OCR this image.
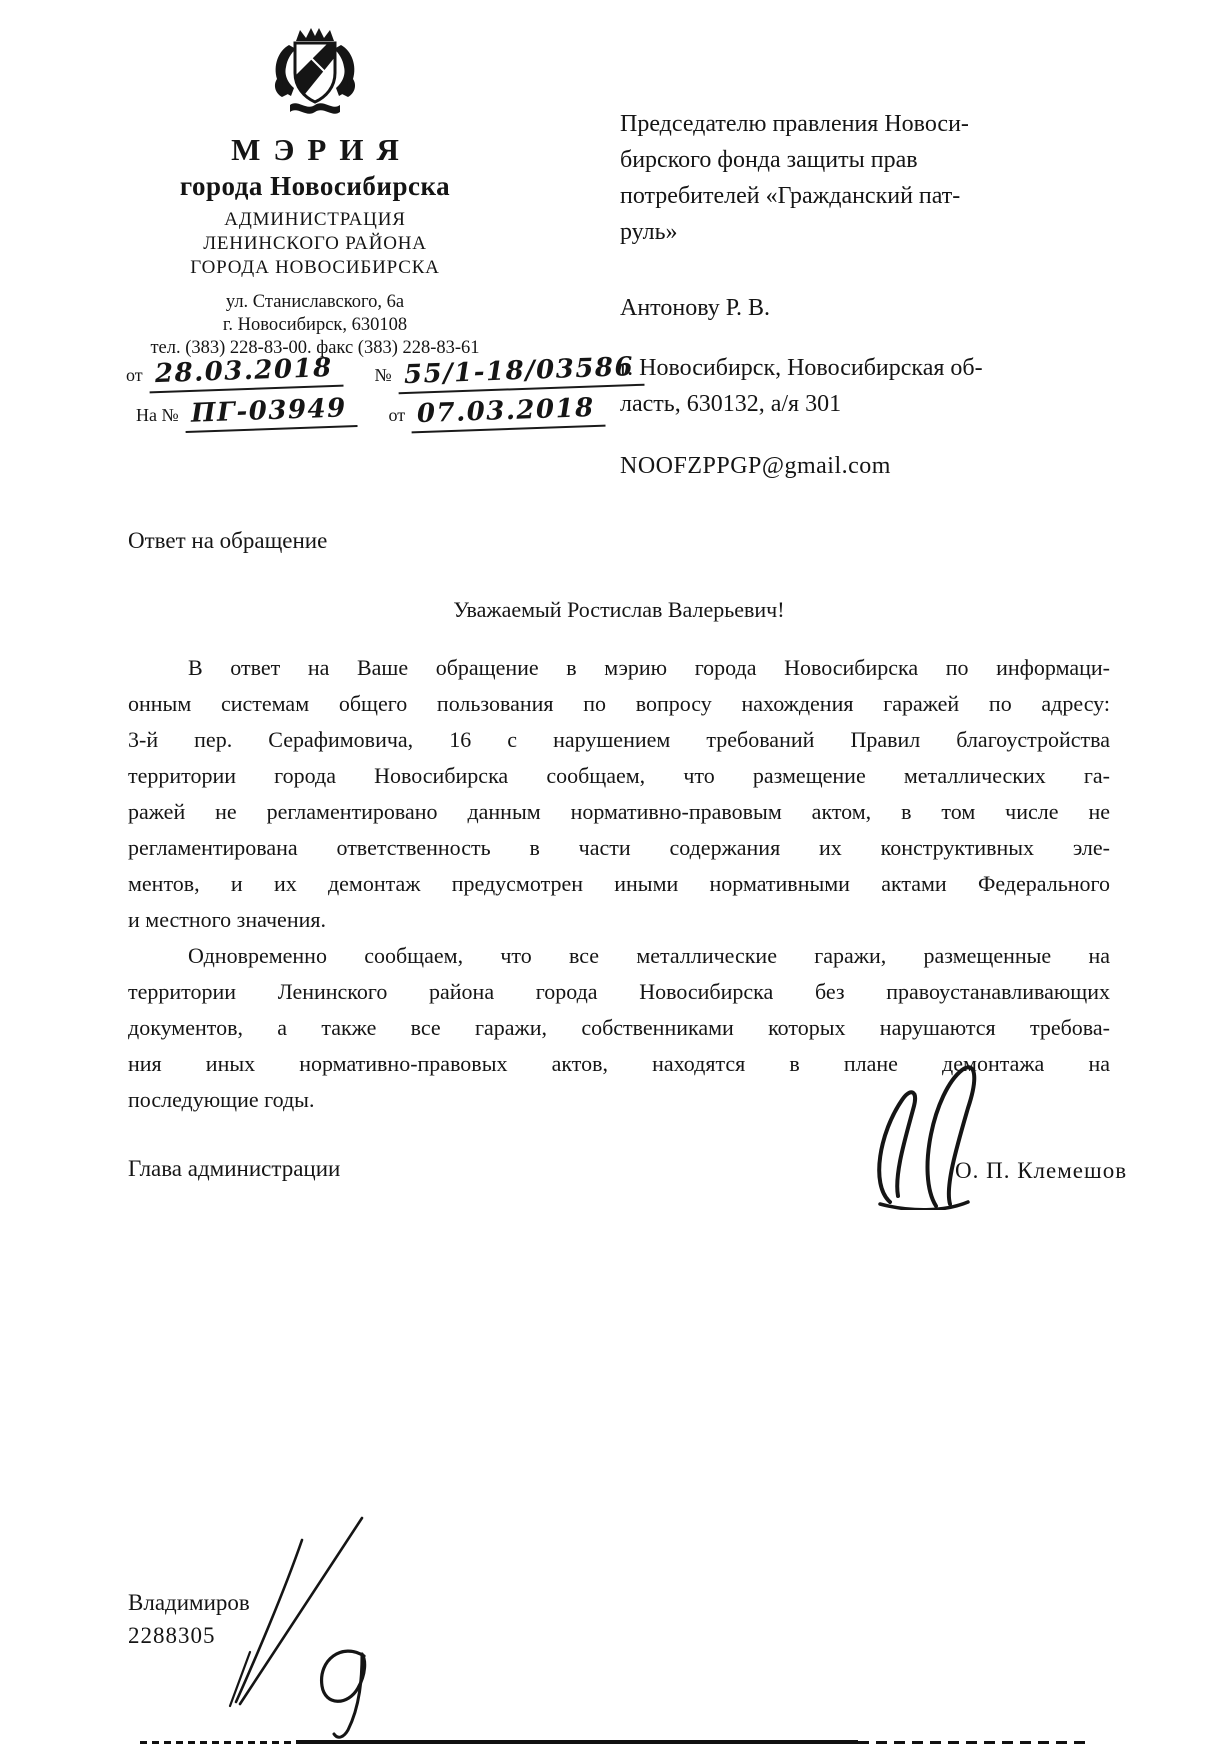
МЭРИЯ
города Новосибирска
АДМИНИСТРАЦИЯ
ЛЕНИНСКОГО РАЙОНА
ГОРОДА НОВОСИБИРСКА
ул. Станиславского, 6а
г. Новосибирск, 630108
тел. (383) 228-83-00. факс (383) 228-83-61
от 28.03.2018	№ 55/1-18/03586
На № ПГ-03949	от 07.03.2018
Председателю правления Новоси-
бирского фонда защиты прав
потребителей «Гражданский пат-
руль»
Антонову Р. В.
г. Новосибирск, Новосибирская об-
ласть, 630132, а/я 301
NOOFZPPGP@gmail.com
Ответ на обращение
Уважаемый Ростислав Валерьевич!
В ответ на Ваше обращение в мэрию города Новосибирска по информаци-
онным системам общего пользования по вопросу нахождения гаражей по адресу:
3-й пер. Серафимовича, 16 с нарушением требований Правил благоустройства
территории города Новосибирска сообщаем, что размещение металлических га-
ражей не регламентировано данным нормативно-правовым актом, в том числе не
регламентирована ответственность в части содержания их конструктивных эле-
ментов, и их демонтаж предусмотрен иными нормативными актами Федерального
и местного значения.
Одновременно сообщаем, что все металлические гаражи, размещенные на
территории Ленинского района города Новосибирска без правоустанавливающих
документов, а также все гаражи, собственниками которых нарушаются требова-
ния иных нормативно-правовых актов, находятся в плане демонтажа на
последующие годы.
Глава администрации	О. П. Клемешов
Владимиров
2288305
